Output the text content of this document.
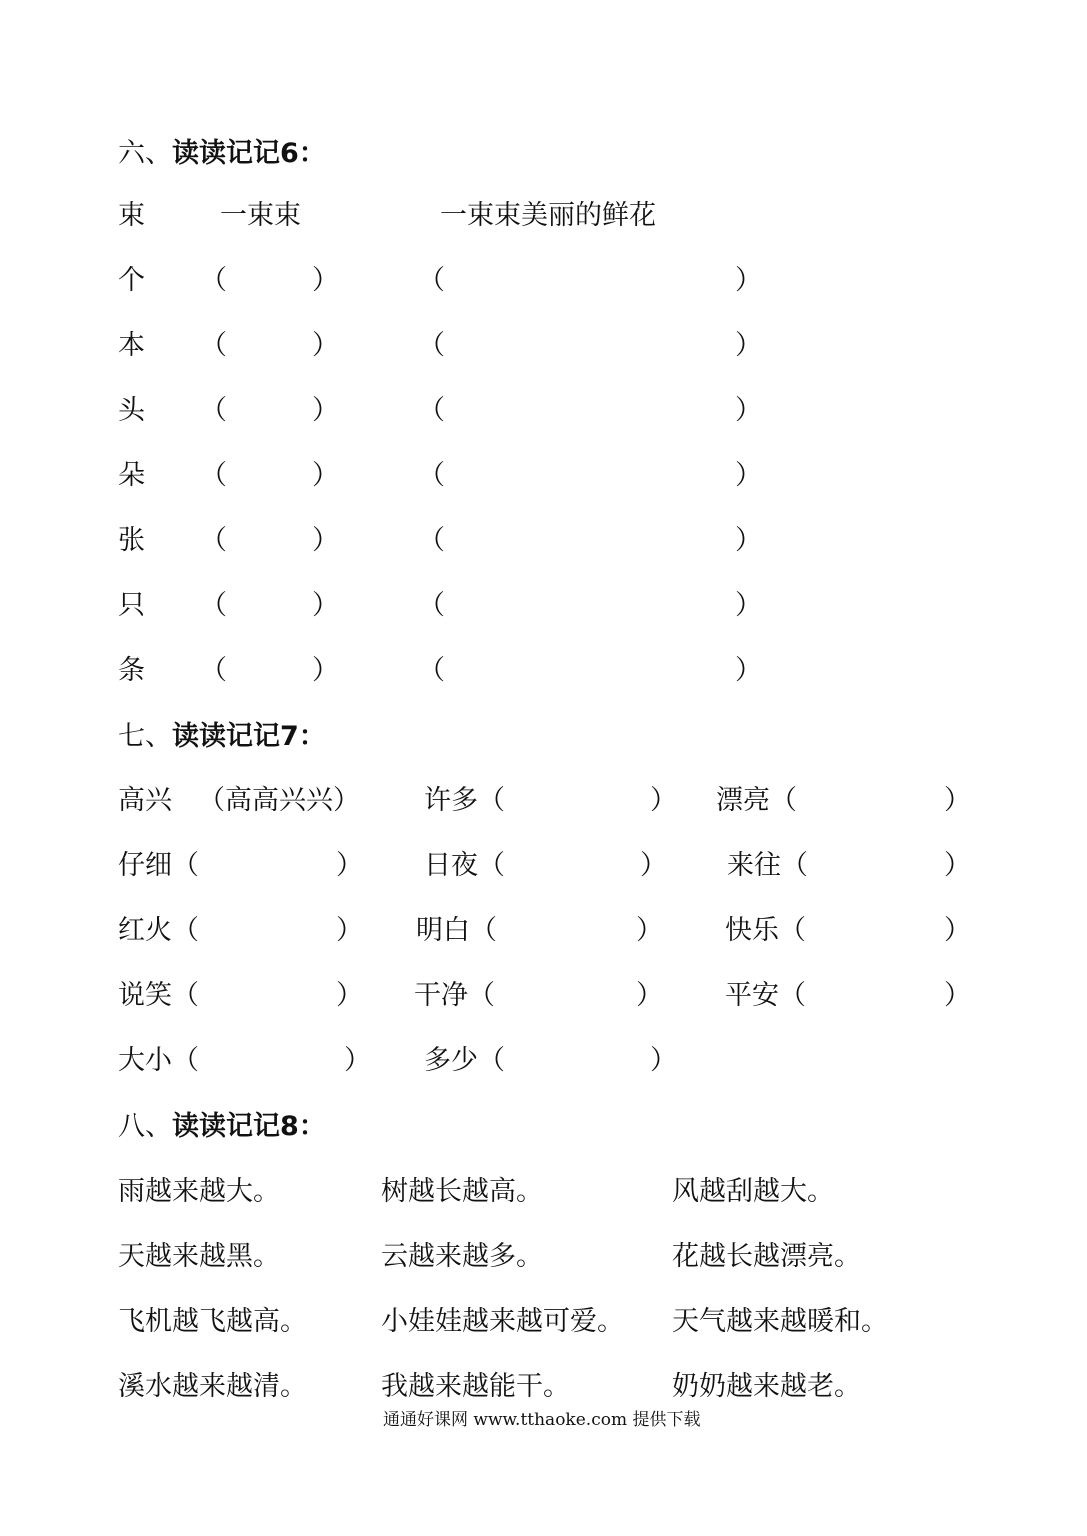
六、读读记记6：
束	一束束	一束束美丽的鲜花
个 （	）	（	）
本 （	）	（	）
头 （	）	（	）
朵 （	）	（	）
张 （	）	（	）
只 （	）	（	）
条 （	）	（	）
七、读读记记7：
高兴 （高高兴兴） 许多（	） 漂亮（	）
仔细（	） 日夜（	） 来往（	）
红火（	） 明白（	） 快乐（	）
说笑（	） 干净（	） 平安（	）
大小（	） 多少（	）
八、读读记记8：
雨越来越大。	树越长越高。	风越刮越大。
天越来越黑。	云越来越多。	花越长越漂亮。
飞机越飞越高。	小娃娃越来越可爱。 天气越来越暖和。
溪水越来越清。	我越来越能干。	奶奶越来越老。
通通好课网 www.tthaoke.com 提供下载
